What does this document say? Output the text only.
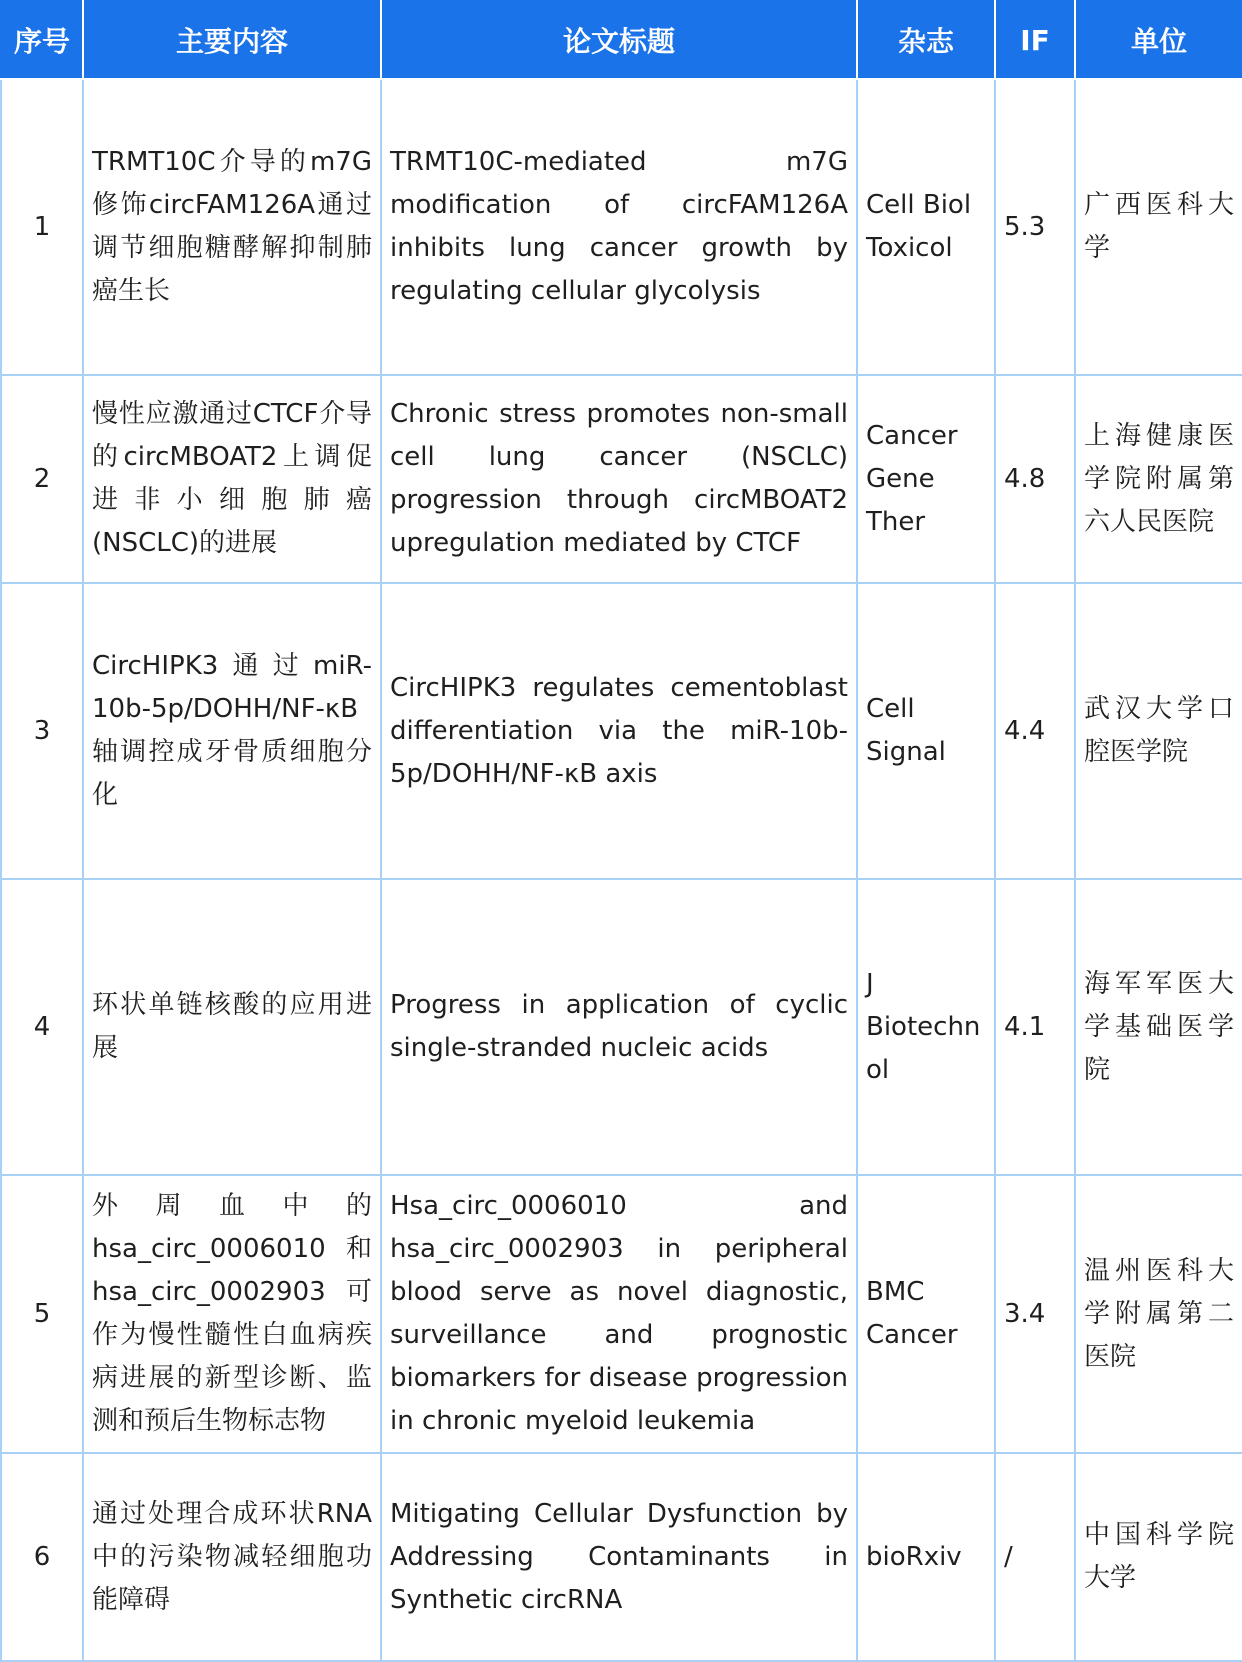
序号	主要内容	论文标题	杂志	IF	单位
1	TRMT10C介导的m7G修饰circFAM126A通过调节细胞糖酵解抑制肺癌生长	TRMT10C-mediated m7G modification of circFAM126A inhibits lung cancer growth by regulating cellular glycolysis	Cell Biol Toxicol	5.3	广西医科大学
2	慢性应激通过CTCF介导的circMBOAT2上调促进非小细胞肺癌(NSCLC)的进展	Chronic stress promotes non-small cell lung cancer (NSCLC) progression through circMBOAT2 upregulation mediated by CTCF	Cancer Gene Ther	4.8	上海健康医学院附属第六人民医院
3	CircHIPK3通过miR-10b-5p/DOHH/NF-κB轴调控成牙骨质细胞分化	CircHIPK3 regulates cementoblast differentiation via the miR-10b-5p/DOHH/NF-κB axis	Cell Signal	4.4	武汉大学口腔医学院
4	环状单链核酸的应用进展	Progress in application of cyclic single-stranded nucleic acids	J Biotechnol	4.1	海军军医大学基础医学院
5	外周血中的hsa_circ_0006010和hsa_circ_0002903可作为慢性髓性白血病疾病进展的新型诊断、监测和预后生物标志物	Hsa_circ_0006010 and hsa_circ_0002903 in peripheral blood serve as novel diagnostic, surveillance and prognostic biomarkers for disease progression in chronic myeloid leukemia	BMC Cancer	3.4	温州医科大学附属第二医院
6	通过处理合成环状RNA中的污染物减轻细胞功能障碍	Mitigating Cellular Dysfunction by Addressing Contaminants in Synthetic circRNA	bioRxiv	/	中国科学院大学
